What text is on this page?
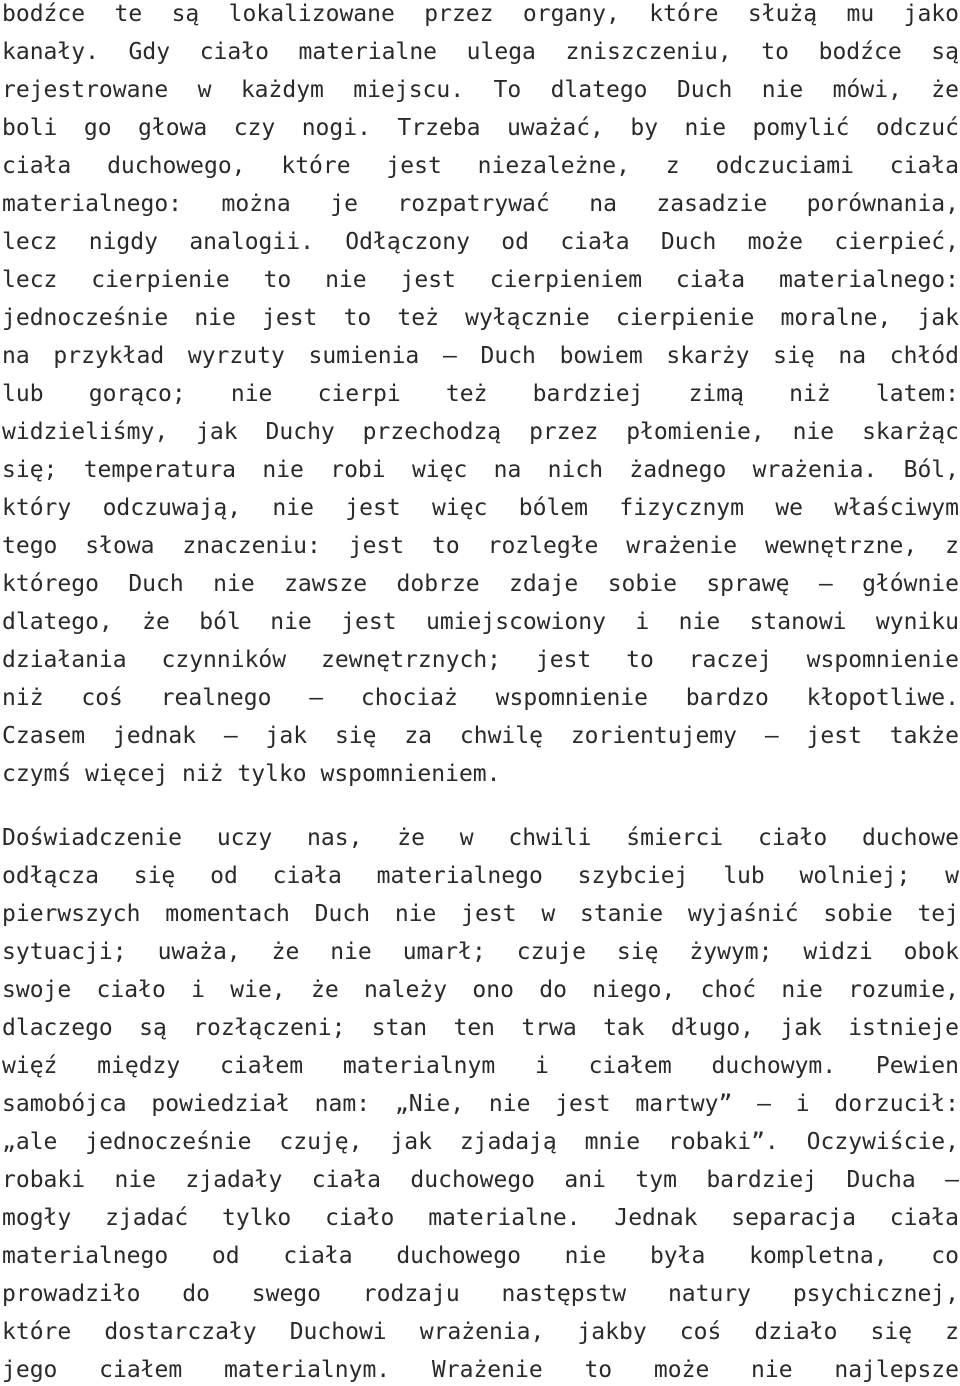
bodźce te są lokalizowane przez organy, które służą mu jako
kanały. Gdy ciało materialne ulega zniszczeniu, to bodźce są
rejestrowane w każdym miejscu. To dlatego Duch nie mówi, że
boli go głowa czy nogi. Trzeba uważać, by nie pomylić odczuć
ciała duchowego, które jest niezależne, z odczuciami ciała
materialnego: można je rozpatrywać na zasadzie porównania,
lecz nigdy analogii. Odłączony od ciała Duch może cierpieć,
lecz cierpienie to nie jest cierpieniem ciała materialnego:
jednocześnie nie jest to też wyłącznie cierpienie moralne, jak
na przykład wyrzuty sumienia — Duch bowiem skarży się na chłód
lub gorąco; nie cierpi też bardziej zimą niż latem:
widzieliśmy, jak Duchy przechodzą przez płomienie, nie skarżąc
się; temperatura nie robi więc na nich żadnego wrażenia. Ból,
który odczuwają, nie jest więc bólem fizycznym we właściwym
tego słowa znaczeniu: jest to rozległe wrażenie wewnętrzne, z
którego Duch nie zawsze dobrze zdaje sobie sprawę — głównie
dlatego, że ból nie jest umiejscowiony i nie stanowi wyniku
działania czynników zewnętrznych; jest to raczej wspomnienie
niż coś realnego — chociaż wspomnienie bardzo kłopotliwe.
Czasem jednak — jak się za chwilę zorientujemy — jest także
czymś więcej niż tylko wspomnieniem.
Doświadczenie uczy nas, że w chwili śmierci ciało duchowe
odłącza się od ciała materialnego szybciej lub wolniej; w
pierwszych momentach Duch nie jest w stanie wyjaśnić sobie tej
sytuacji; uważa, że nie umarł; czuje się żywym; widzi obok
swoje ciało i wie, że należy ono do niego, choć nie rozumie,
dlaczego są rozłączeni; stan ten trwa tak długo, jak istnieje
więź między ciałem materialnym i ciałem duchowym. Pewien
samobójca powiedział nam: „Nie, nie jest martwy” — i dorzucił:
„ale jednocześnie czuję, jak zjadają mnie robaki”. Oczywiście,
robaki nie zjadały ciała duchowego ani tym bardziej Ducha —
mogły zjadać tylko ciało materialne. Jednak separacja ciała
materialnego od ciała duchowego nie była kompletna, co
prowadziło do swego rodzaju następstw natury psychicznej,
które dostarczały Duchowi wrażenia, jakby coś działo się z
jego ciałem materialnym. Wrażenie to może nie najlepsze
